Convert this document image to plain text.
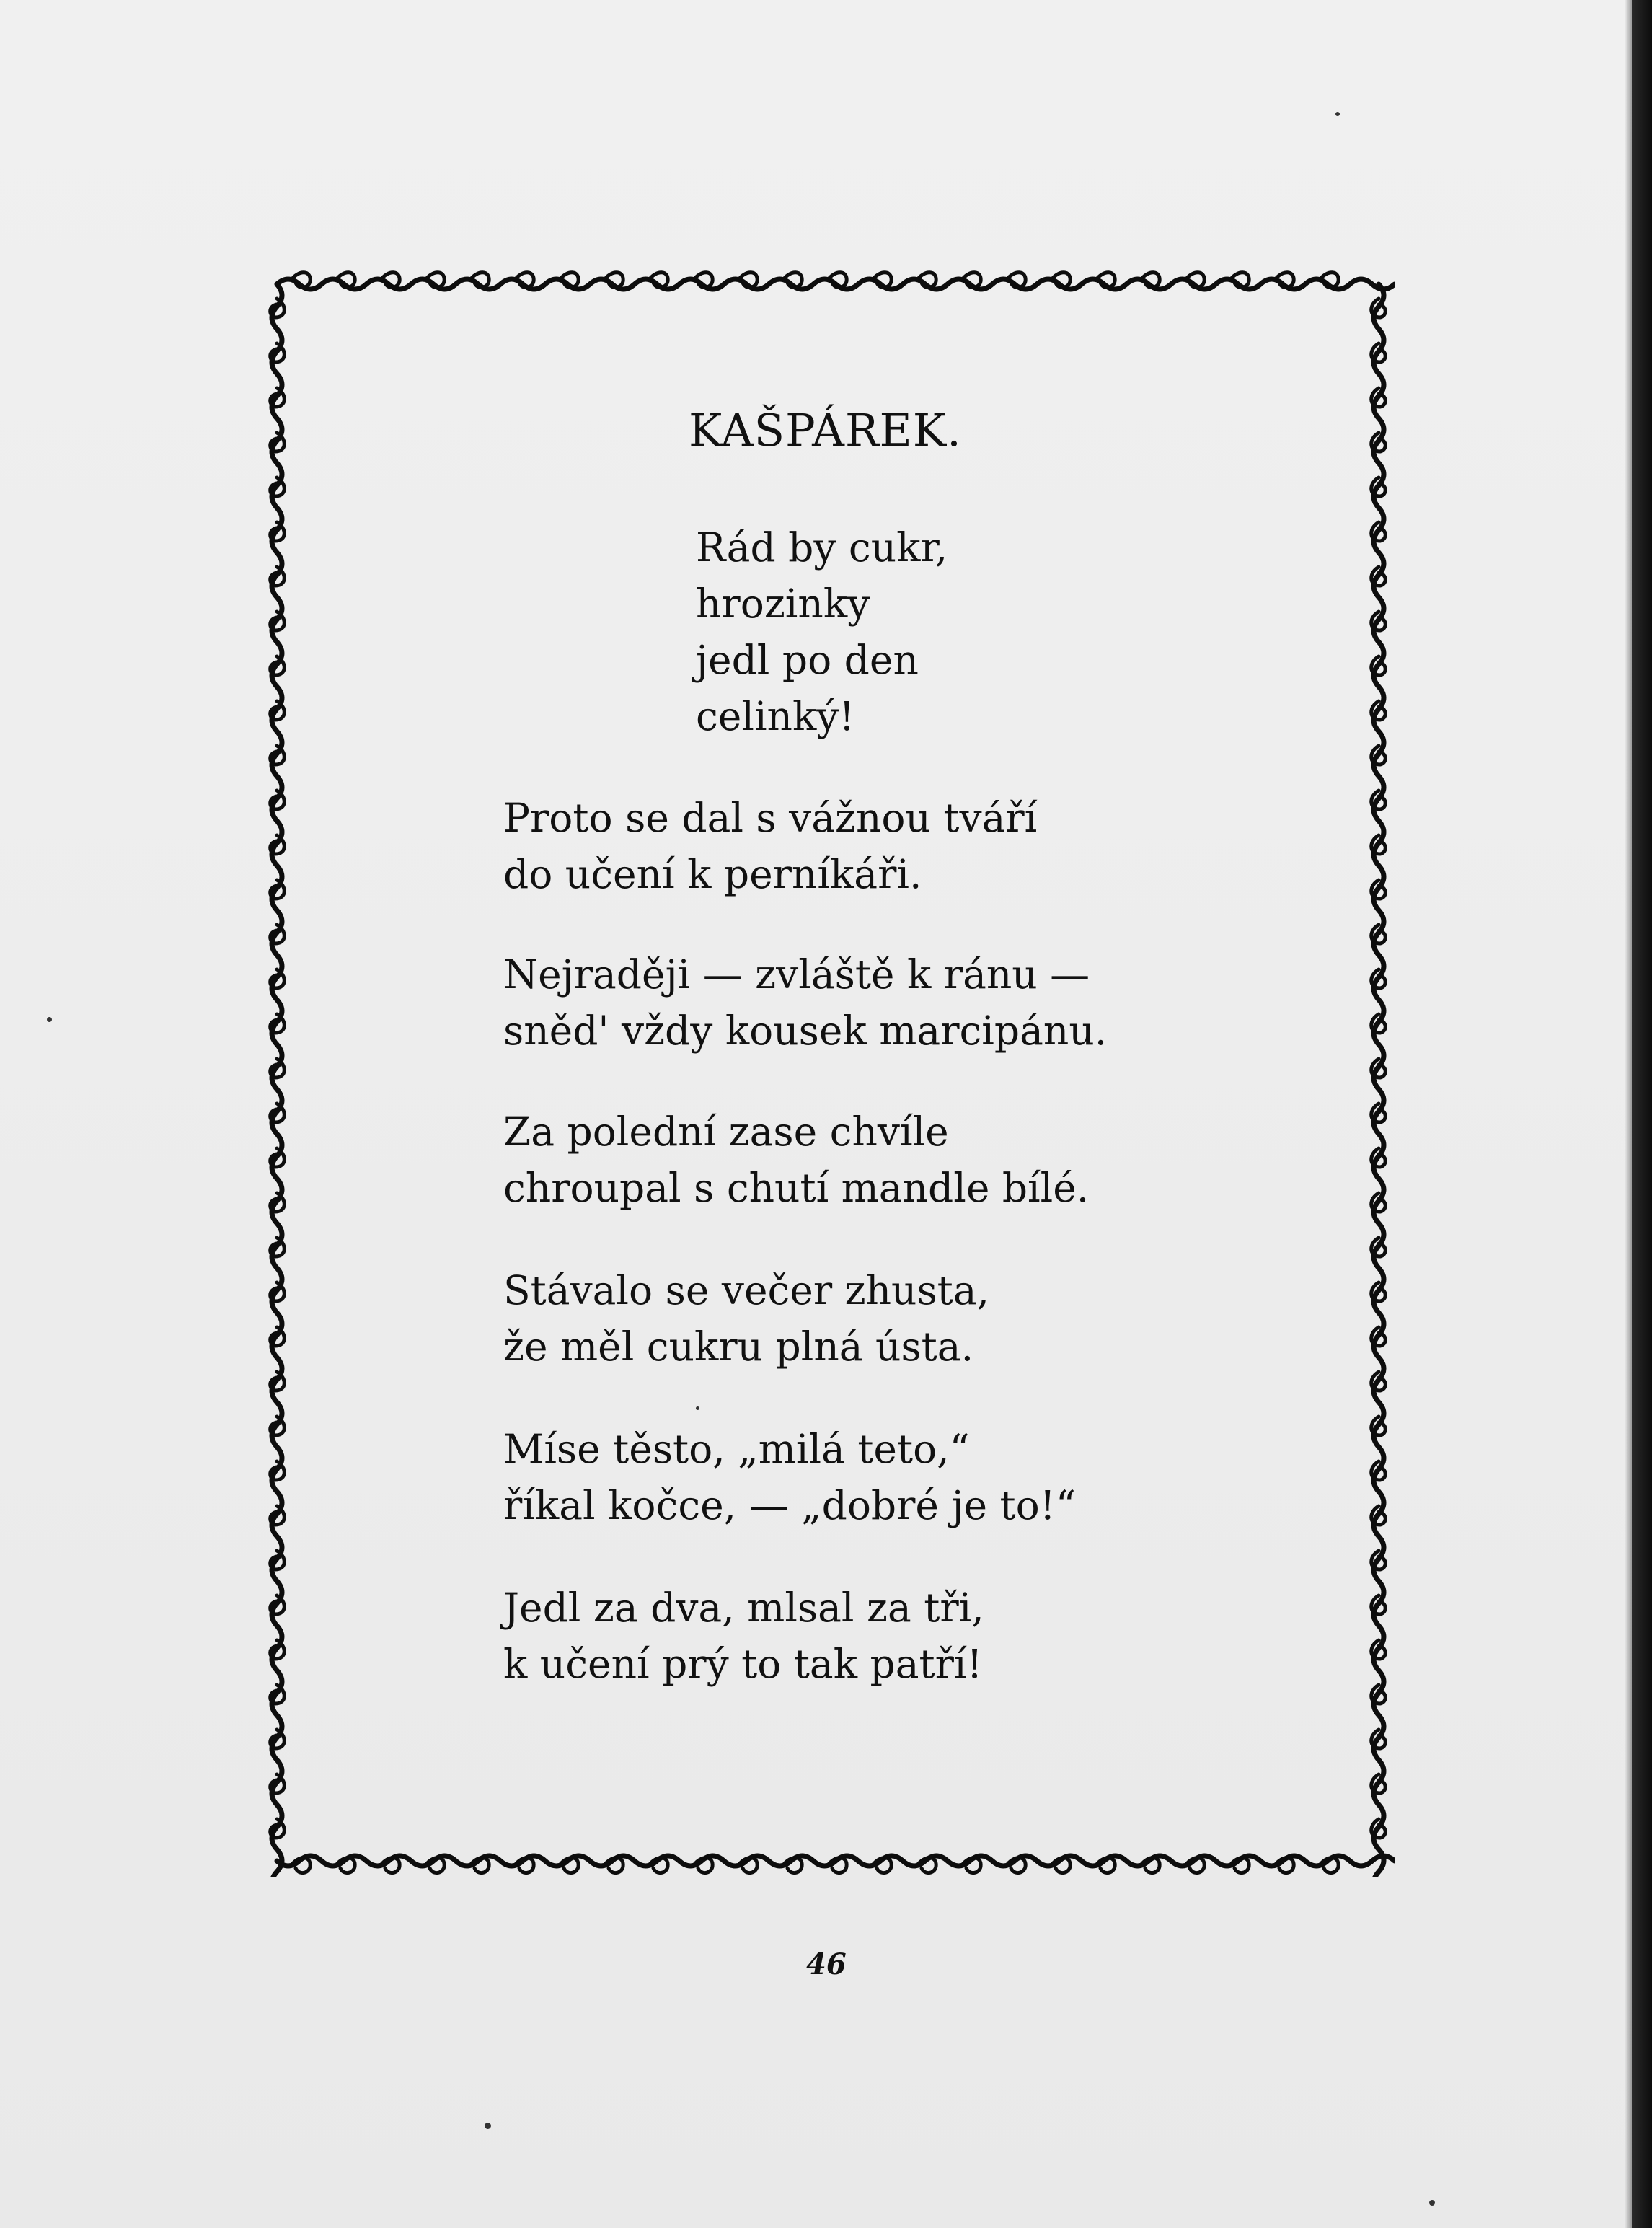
KAŠPÁREK.
Rád by cukr,
hrozinky
jedl po den
celinký!
Proto se dal s vážnou tváří
do učení k perníkáři.
Nejraději — zvláště k ránu —
sněd' vždy kousek marcipánu.
Za polední zase chvíle
chroupal s chutí mandle bílé.
Stávalo se večer zhusta,
že měl cukru plná ústa.
Míse těsto, „milá teto,“
říkal kočce, — „dobré je to!“
Jedl za dva, mlsal za tři,
k učení prý to tak patří!
46
